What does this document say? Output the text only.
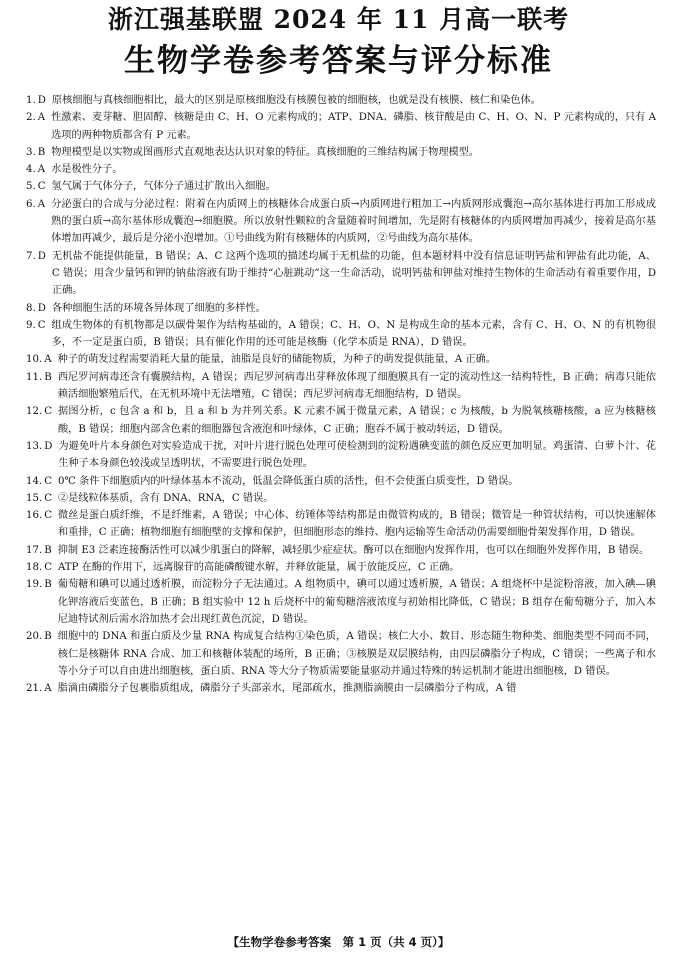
浙江强基联盟 2024 年 11 月高一联考
生物学卷参考答案与评分标准
1. D 原核细胞与真核细胞相比，最大的区别是原核细胞没有核膜包被的细胞核，也就是没有核膜、核仁和染色体。
2. A 性激素、麦芽糖、胆固醇、核糖是由 C、H、O 元素构成的；ATP、DNA、磷脂、核苷酸是由 C、H、O、N、P 元素构成的，只有 A 选项的两种物质都含有 P 元素。
3. B 物理模型是以实物或图画形式直观地表达认识对象的特征。真核细胞的三维结构属于物理模型。
4. A 水是极性分子。
5. C 氢气属于气体分子，气体分子通过扩散出入细胞。
6. A 分泌蛋白的合成与分泌过程：附着在内质网上的核糖体合成蛋白质→内质网进行粗加工→内质网形成囊泡→高尔基体进行再加工形成成熟的蛋白质→高尔基体形成囊泡→细胞膜。所以放射性颗粒的含量随着时间增加，先是附有核糖体的内质网增加再减少，接着是高尔基体增加再减少，最后是分泌小泡增加。①号曲线为附有核糖体的内质网，②号曲线为高尔基体。
7. D 无机盐不能提供能量，B 错误；A、C 这两个选项的描述均属于无机盐的功能，但本题材料中没有信息证明钙盐和钾盐有此功能，A、C 错误；用含少量钙和钾的钠盐溶液有助于维持“心脏跳动”这一生命活动，说明钙盐和钾盐对维持生物体的生命活动有着重要作用，D 正确。
8. D 各种细胞生活的环境各异体现了细胞的多样性。
9. C 组成生物体的有机物都是以碳骨架作为结构基础的，A 错误；C、H、O、N 是构成生命的基本元素，含有 C、H、O、N 的有机物很多，不一定是蛋白质，B 错误；具有催化作用的还可能是核酶（化学本质是 RNA），D 错误。
10. A 种子的萌发过程需要消耗大量的能量，油脂是良好的储能物质，为种子的萌发提供能量，A 正确。
11. B 西尼罗河病毒还含有囊膜结构，A 错误；西尼罗河病毒出芽释放体现了细胞膜具有一定的流动性这一结构特性，B 正确；病毒只能依赖活细胞繁殖后代，在无机环境中无法增殖，C 错误；西尼罗河病毒无细胞结构，D 错误。
12. C 据图分析，c 包含 a 和 b，且 a 和 b 为并列关系。K 元素不属于微量元素，A 错误；c 为核酸，b 为脱氧核糖核酸，a 应为核糖核酸，B 错误；细胞内部含色素的细胞器包含液泡和叶绿体，C 正确；胞吞不属于被动转运，D 错误。
13. D 为避免叶片本身颜色对实验造成干扰，对叶片进行脱色处理可使检测到的淀粉遇碘变蓝的颜色反应更加明显。鸡蛋清、白萝卜汁、花生种子本身颜色较浅或呈透明状，不需要进行脱色处理。
14. C 0℃ 条件下细胞质内的叶绿体基本不流动，低温会降低蛋白质的活性，但不会使蛋白质变性，D 错误。
15. C ②是线粒体基质，含有 DNA、RNA，C 错误。
16. C 微丝是蛋白质纤维，不是纤维素，A 错误；中心体、纺锤体等结构都是由微管构成的，B 错误；微管是一种管状结构，可以快速解体和重排，C 正确；植物细胞有细胞壁的支撑和保护，但细胞形态的维持、胞内运输等生命活动仍需要细胞骨架发挥作用，D 错误。
17. B 抑制 E3 泛素连接酶活性可以减少肌蛋白的降解，减轻肌少症症状。酶可以在细胞内发挥作用，也可以在细胞外发挥作用，B 错误。
18. C ATP 在酶的作用下，远离腺苷的高能磷酸键水解，并释放能量，属于放能反应，C 正确。
19. B 葡萄糖和碘可以通过透析膜，而淀粉分子无法通过。A 组物质中，碘可以通过透析膜，A 错误；A 组烧杯中是淀粉溶液，加入碘—碘化钾溶液后变蓝色，B 正确；B 组实验中 12 h 后烧杯中的葡萄糖溶液浓度与初始相比降低，C 错误；B 组存在葡萄糖分子，加入本尼迪特试剂后需水浴加热才会出现红黄色沉淀，D 错误。
20. B 细胞中的 DNA 和蛋白质及少量 RNA 构成复合结构①染色质，A 错误；核仁大小、数目、形态随生物种类、细胞类型不同而不同，核仁是核糖体 RNA 合成、加工和核糖体装配的场所，B 正确；③核膜是双层膜结构，由四层磷脂分子构成，C 错误；一些离子和水等小分子可以自由进出细胞核，蛋白质、RNA 等大分子物质需要能量驱动并通过特殊的转运机制才能进出细胞核，D 错误。
21. A 脂滴由磷脂分子包裹脂质组成，磷脂分子头部亲水，尾部疏水，推测脂滴膜由一层磷脂分子构成，A 错
【生物学卷参考答案　第 1 页（共 4 页）】
